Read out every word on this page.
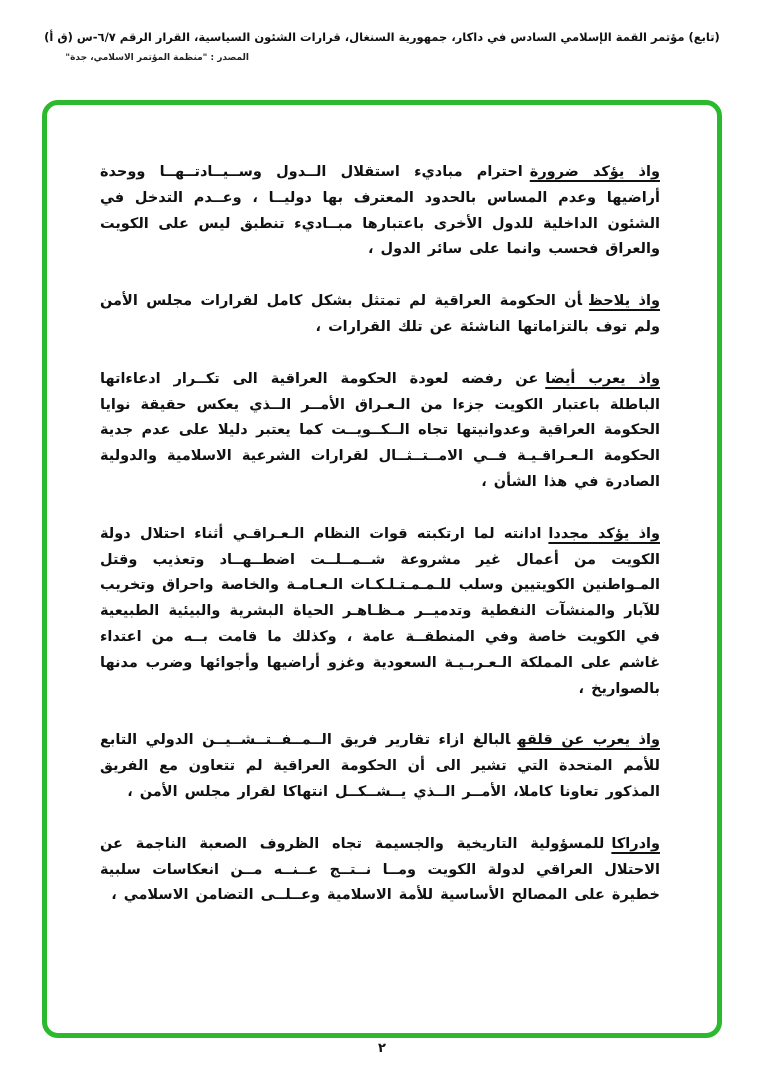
(تابع) مؤتمر القمة الإسلامي السادس في داكار، جمهورية السنغال، قرارات الشئون السياسية، القرار الرقم ٦/٧-س (ق أ)
المصدر : "منظمة المؤتمر الاسلامي، جدة"

واذ يؤكد ضرورةاحترام مباديء استقلال الــدول وســيــادتــهــا ووحدة أراضيها وعدم المساس بالحدود المعترف بها دوليــا ، وعــدم التدخل في الشئون الداخلية للدول الأخرى باعتبارها مبــاديء تنطبق ليس على الكويت والعراق فحسب وانما على سائر الدول ،

واذ يلاحظأن الحكومة العراقية لم تمتثل بشكل كامل لقرارات مجلس الأمن ولم توف بالتزاماتها الناشئة عن تلك القرارات ،

واذ يعرب أيضاعن رفضه لعودة الحكومة العراقية الى تكــرار ادعاءاتها الباطلة باعتبار الكويت جزءا من الـعـراق الأمــر الــذي يعكس حقيقة نوايا الحكومة العراقية وعدوانيتها تجاه الــكــويــت كما يعتبر دليلا على عدم جدية الحكومة الـعـراقـيـة فــي الامــتــثــال لقرارات الشرعية الاسلامية والدولية الصادرة في هذا الشأن ،

واذ يؤكد مجدداادانته لما ارتكبته قوات النظام الـعـراقـي أثناء احتلال دولة الكويت من أعمال غير مشروعة شــمــلــت اضطــهــاد وتعذيب وقتل المـواطنين الكويتيين وسلب للـمـمـتـلـكـات الـعـامـة والخاصة واحراق وتخريب للآبار والمنشآت النفطية وتدميــر مـظـاهـر الحياة البشرية والبيئية الطبيعية في الكويت خاصة وفي المنطقــة عامة ، وكذلك ما قامت بــه من اعتداء غاشم على المملكة الـعـربـيـة السعودية وغزو أراضيها وأجوائها وضرب مدنها بالصواريخ ،

واذ يعرب عن قلقهالبالغ ازاء تقارير فريق الــمــفــتــشــيــن الدولي التابع للأمم المتحدة التي تشير الى أن الحكومة العراقية لم تتعاون مع الفريق المذكور تعاونا كاملا، الأمــر الــذي يــشــكــل انتهاكا لقرار مجلس الأمن ،

وادراكاللمسؤولية التاريخية والجسيمة تجاه الظروف الصعبة الناجمة عن الاحتلال العراقي لدولة الكويت ومــا نــتــج عــنــه مــن انعكاسات سلبية خطيرة على المصالح الأساسية للأمة الاسلامية وعــلــى التضامن الاسلامي ،

٢
